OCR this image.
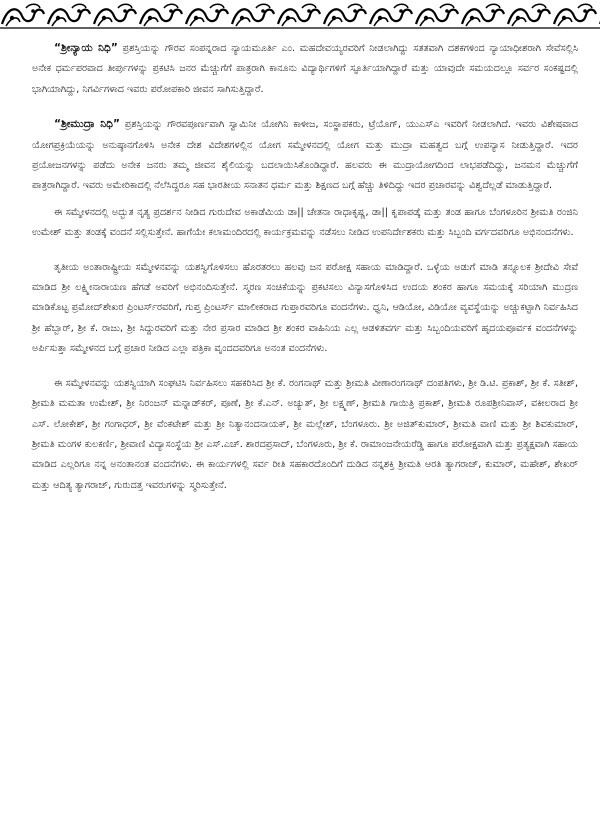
“ಶ್ರೀನ್ಯಾಯ ನಿಧಿ” ಪ್ರಶಸ್ತಿಯನ್ನು ಗೌರವ ಸಂಪನ್ನರಾದ ನ್ಯಾಯಮೂರ್ತಿ ಎಂ. ಮಹದೇವಯ್ಯರವರಿಗೆ ನೀಡಲಾಗಿದ್ದು ಸತತವಾಗಿ ದಶಕಗಳಿಂದ ನ್ಯಾಯಾಧೀಶರಾಗಿ ಸೇವೆಸಲ್ಲಿಸಿ ಅನೇಕ ಧರ್ಮಪರವಾದ ತೀರ್ಪುಗಳನ್ನು ಪ್ರಕಟಿಸಿ ಜನರ ಮೆಚ್ಚುಗೆಗೆ ಪಾತ್ರರಾಗಿ ಕಾನೂನು ವಿದ್ಯಾರ್ಥಿಗಳಿಗೆ ಸ್ಫೂರ್ತಿಯಾಗಿದ್ದಾರೆ ಮತ್ತು ಯಾವುದೇ ಸಮಯದಲ್ಲೂ ಸರ್ವರ ಸಂಕಷ್ಟದಲ್ಲಿ ಭಾಗಿಯಾಗಿದ್ದು, ನಿಗರ್ವಿಗಳಾದ ಇವರು ಪರೋಪಕಾರಿ ಜೀವನ ಸಾಗಿಸುತ್ತಿದ್ದಾರೆ.

“ಶ್ರೀಮುದ್ರಾ ನಿಧಿ” ಪ್ರಶಸ್ತಿಯನ್ನು ಗೌರವಪೂರ್ಣವಾಗಿ ಸ್ವಾಮಿನೀ ಯೋಗಿನಿ ಕಾಳೀಜ, ಸಂಸ್ಥಾಪಕರು, ಟ್ರೆಯೊಗ್, ಯುಎಸ್ಎ ಇವರಿಗೆ ನೀಡಲಾಗಿದೆ. ಇವರು ವಿಶೇಷವಾದ ಯೋಗಪ್ರಕ್ರಿಯೆಯನ್ನು ಅನುಷ್ಠಾನಗೊಳಿಸಿ ಅನೇಕ ದೇಶ ವಿದೇಶಗಳಲ್ಲಿನ ಯೋಗ ಸಮ್ಮೇಳನದಲ್ಲಿ ಯೋಗ ಮತ್ತು ಮುದ್ರಾ ಮಹತ್ವದ ಬಗ್ಗೆ ಉಪನ್ಯಾಸ ನೀಡುತ್ತಿದ್ದಾರೆ. ಇದರ ಪ್ರಯೋಜನಗಳನ್ನು ಪಡೆದು ಅನೇಕ ಜನರು ತಮ್ಮ ಜೀವನ ಶೈಲಿಯನ್ನು ಬದಲಾಯಿಸಿಕೊಂಡಿದ್ದಾರೆ. ಹಲವರು ಈ ಮುದ್ರಾಯೋಗದಿಂದ ಲಾಭಪಡೆದಿದ್ದು, ಜನಮನ ಮೆಚ್ಚುಗೆಗೆ ಪಾತ್ರರಾಗಿದ್ದಾರೆ. ಇವರು ಅಮೇರಿಕಾದಲ್ಲಿ ನೆಲೆಸಿದ್ದರೂ ಸಹ ಭಾರತೀಯ ಸನಾತನ ಧರ್ಮ ಮತ್ತು ಶಿಕ್ಷಣದ ಬಗ್ಗೆ ಹೆಚ್ಚು ತಿಳಿದಿದ್ದು ಇದರ ಪ್ರಚಾರವನ್ನು ವಿಶ್ವದೆಲ್ಲಡೆ ಮಾಡುತ್ತಿದ್ದಾರೆ.

ಈ ಸಮ್ಮೇಳನದಲ್ಲಿ ಅದ್ಭುತ ನೃತ್ಯ ಪ್ರದರ್ಶನ ನೀಡಿದ ಗುರುದೇವ ಅಕಾಡೆಮಿಯ ಡಾ|| ಚೇತನಾ ರಾಧಾಕೃಷ್ಣ, ಡಾ|| ಕೃಪಾಪಡ್ಕೆ ಮತ್ತು ತಂಡ ಹಾಗೂ ಬೆಂಗಳೂರಿನ ಶ್ರೀಮತಿ ರಂಜಿನಿ ಉಮೇಶ್ ಮತ್ತು ತಂಡಕ್ಕೆ ವಂದನೆ ಸಲ್ಲಿಸುತ್ತೇನೆ. ಹಾಗೆಯೇ ಕಲಾಮಂದಿರದಲ್ಲಿ ಕಾರ್ಯಕ್ರಮವನ್ನು ನಡೆಸಲು ನೀಡಿದ ಉಪನಿರ್ದೇಶಕರು ಮತ್ತು ಸಿಬ್ಬಂದಿ ವರ್ಗದವರಿಗೂ ಅಭಿನಂದನೆಗಳು.

ತೃತೀಯ ಅಂತಾರಾಷ್ಟ್ರೀಯ ಸಮ್ಮೇಳನವನ್ನು ಯಶಸ್ವಿಗೊಳಿಸಲು ಹೊರತರಲು ಹಲವು ಜನ ಪರೋಕ್ಷ ಸಹಾಯ ಮಾಡಿದ್ದಾರೆ. ಒಳ್ಳೆಯ ಅಡುಗೆ ಮಾಡಿ ತನ್ನೂಲಕ ಶ್ರೀದೇವಿ ಸೇವೆ ಮಾಡಿದ ಶ್ರೀ ಲಕ್ಷ್ಮೀನಾರಾಯಣ ಹೆಗಡೆ ಅವರಿಗೆ ಅಭಿನಂದಿಸುತ್ತೇನೆ. ಸ್ಮರಣ ಸಂಚಿಕೆಯನ್ನು ಪ್ರಕಟಿಸಲು ವಿನ್ಯಾಸಗೊಳಿಸಿದ ಉದಯ ಶಂಕರ ಹಾಗೂ ಸಮಯಕ್ಕೆ ಸರಿಯಾಗಿ ಮುದ್ರಣ ಮಾಡಿಕೊಟ್ಟ ಪ್ರಮೋದ್‌ಶೇಖರ ಪ್ರಿಂಟರ್ಸ್‌ರವರಿಗೆ, ಗುಪ್ತ ಪ್ರಿಂಟರ್ಸ್ ಮಾಲೀಕರಾದ ಗುಪ್ತಾರವರಿಗೂ ವಂದನೆಗಳು. ಧ್ವನಿ, ಆಡಿಯೋ, ವಿಡಿಯೋ ವ್ಯವಸ್ಥೆಯನ್ನು ಅಚ್ಚುಕಟ್ಟಾಗಿ ನಿರ್ವಹಿಸಿದ ಶ್ರೀ ಹೆಬ್ಬಾರ್, ಶ್ರೀ ಕೆ. ರಾಜು, ಶ್ರೀ ಸಿದ್ದುರವರಿಗೆ ಮತ್ತು ನೇರ ಪ್ರಸಾರ ಮಾಡಿದ ಶ್ರೀ ಶಂಕರ ವಾಹಿನಿಯ ಎಲ್ಲ ಆಡಳಿತವರ್ಗ ಮತ್ತು ಸಿಬ್ಬಂದಿಯವರಿಗೆ ಹೃದಯಪೂರ್ವಕ ವಂದನೆಗಳನ್ನು ಅರ್ಪಿಸುತ್ತಾ ಸಮ್ಮೇಳನದ ಬಗ್ಗೆ ಪ್ರಚಾರ ನೀಡಿದ ಎಲ್ಲಾ ಪತ್ರಿಕಾ ವೃಂದದವರಿಗೂ ಅನಂತ ವಂದನೆಗಳು.

ಈ ಸಮ್ಮೇಳನವನ್ನು ಯಶಸ್ವಿಯಾಗಿ ಸಂಘಟಿಸಿ ನಿರ್ವಹಿಸಲು ಸಹಕರಿಸಿದ ಶ್ರೀ ಕೆ. ರಂಗನಾಥ್ ಮತ್ತು ಶ್ರೀಮತಿ ವೀಣಾರಂಗನಾಥ್ ದಂಪತಿಗಳು, ಶ್ರೀ ಡಿ.ಟಿ. ಪ್ರಕಾಶ್, ಶ್ರೀ ಕೆ. ಸತೀಶ್, ಶ್ರೀಮತಿ ಮಮತಾ ಉಮೇಶ್, ಶ್ರೀ ನಿರಂಜನ್ ಮನ್ನಾಡ್‌ಕರ್, ಪೂಣೆ, ಶ್ರೀ ಕೆ.ಎನ್. ಅಚ್ಯುತ್, ಶ್ರೀ ಲಕ್ಷ್ಮಣ್, ಶ್ರೀಮತಿ ಗಾಯಿತ್ರಿ ಪ್ರಕಾಶ್, ಶ್ರೀಮತಿ ರೂಪಶ್ರೀನಿವಾಸ್, ವಕೀಲರಾದ ಶ್ರೀ ಎಸ್. ಲೋಕೇಶ್, ಶ್ರೀ ಗಂಗಾಧರ್, ಶ್ರೀ ವೆಂಕಟೇಶ್ ಮತ್ತು ಶ್ರೀ ನಿತ್ಯಾನಂದನಾಯಕ್, ಶ್ರೀ ಮಲ್ಲೇಶ್, ಬೆಂಗಳೂರು. ಶ್ರೀ ಅಜಿತ್‌ಕುಮಾರ್, ಶ್ರೀಮತಿ ವಾಣಿ ಮತ್ತು ಶ್ರೀ ಶಿವಕುಮಾರ್, ಶ್ರೀಮತಿ ಮಂಗಳ ಕುಲಕರ್ಣಿ, ಶ್ರೀವಾಣಿ ವಿದ್ಯಾಸಂಸ್ಥೆಯ ಶ್ರೀ ಎಸ್.ಎಚ್. ಶಾರದಪ್ರಸಾದ್, ಬೆಂಗಳೂರು, ಶ್ರೀ ಕೆ. ರಾಮಾಂಜನೇಯರೆಡ್ಡಿ ಹಾಗೂ ಪರೋಕ್ಷವಾಗಿ ಮತ್ತು ಪ್ರತ್ಯಕ್ಷವಾಗಿ ಸಹಾಯ ಮಾಡಿದ ಎಲ್ಲರಿಗೂ ನನ್ನ ಅನಂತಾನಂತ ವಂದನೆಗಳು. ಈ ಕಾರ್ಯಗಳಲ್ಲಿ ಸರ್ವ ರೀತಿ ಸಹಕಾರದೊಂದಿಗೆ ದುಡಿದ ನನ್ನಶಕ್ತಿ ಶ್ರೀಮತಿ ಆರತಿ ತ್ಯಾಗರಾಜ್, ಕುಮಾರ್, ಮಹೇಶ್, ಶೇಖರ್ ಮತ್ತು ಆದಿತ್ಯ ತ್ಯಾಗರಾಜ್, ಗುರುದತ್ತ ಇವರುಗಳನ್ನು ಸ್ಮರಿಸುತ್ತೇನೆ.
